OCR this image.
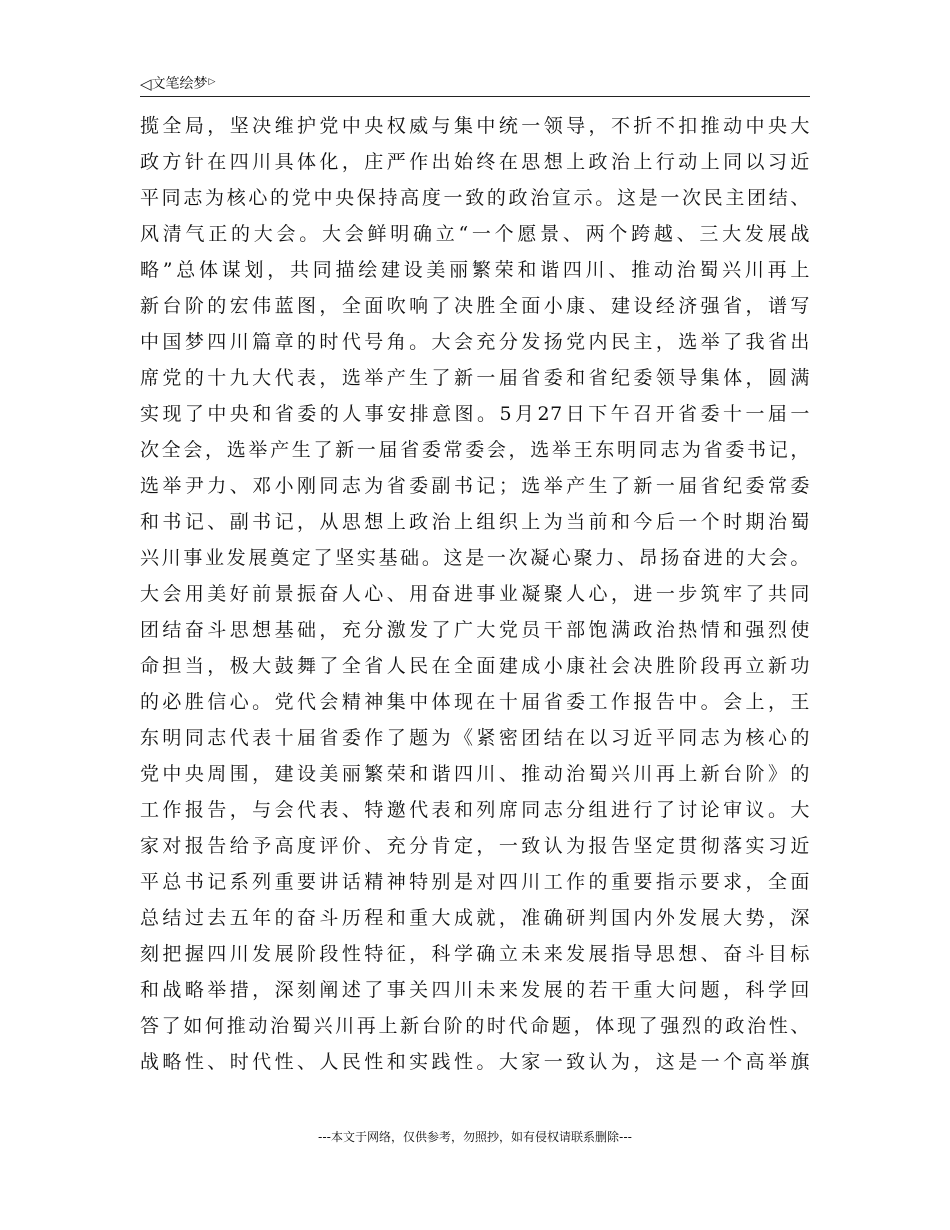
◁文笔绘梦▷
揽全局，坚决维护党中央权威与集中统一领导，不折不扣推动中央大
政方针在四川具体化，庄严作出始终在思想上政治上行动上同以习近
平同志为核心的党中央保持高度一致的政治宣示。这是一次民主团结、
风清气正的大会。大会鲜明确立“一个愿景、两个跨越、三大发展战
略”总体谋划，共同描绘建设美丽繁荣和谐四川、推动治蜀兴川再上
新台阶的宏伟蓝图，全面吹响了决胜全面小康、建设经济强省，谱写
中国梦四川篇章的时代号角。大会充分发扬党内民主，选举了我省出
席党的十九大代表，选举产生了新一届省委和省纪委领导集体，圆满
实现了中央和省委的人事安排意图。5月27日下午召开省委十一届一
次全会，选举产生了新一届省委常委会，选举王东明同志为省委书记，
选举尹力、邓小刚同志为省委副书记；选举产生了新一届省纪委常委
和书记、副书记，从思想上政治上组织上为当前和今后一个时期治蜀
兴川事业发展奠定了坚实基础。这是一次凝心聚力、昂扬奋进的大会。
大会用美好前景振奋人心、用奋进事业凝聚人心，进一步筑牢了共同
团结奋斗思想基础，充分激发了广大党员干部饱满政治热情和强烈使
命担当，极大鼓舞了全省人民在全面建成小康社会决胜阶段再立新功
的必胜信心。党代会精神集中体现在十届省委工作报告中。会上，王
东明同志代表十届省委作了题为《紧密团结在以习近平同志为核心的
党中央周围，建设美丽繁荣和谐四川、推动治蜀兴川再上新台阶》的
工作报告，与会代表、特邀代表和列席同志分组进行了讨论审议。大
家对报告给予高度评价、充分肯定，一致认为报告坚定贯彻落实习近
平总书记系列重要讲话精神特别是对四川工作的重要指示要求，全面
总结过去五年的奋斗历程和重大成就，准确研判国内外发展大势，深
刻把握四川发展阶段性特征，科学确立未来发展指导思想、奋斗目标
和战略举措，深刻阐述了事关四川未来发展的若干重大问题，科学回
答了如何推动治蜀兴川再上新台阶的时代命题，体现了强烈的政治性、
战略性、时代性、人民性和实践性。大家一致认为，这是一个高举旗
---本文于网络，仅供参考，勿照抄，如有侵权请联系删除---
